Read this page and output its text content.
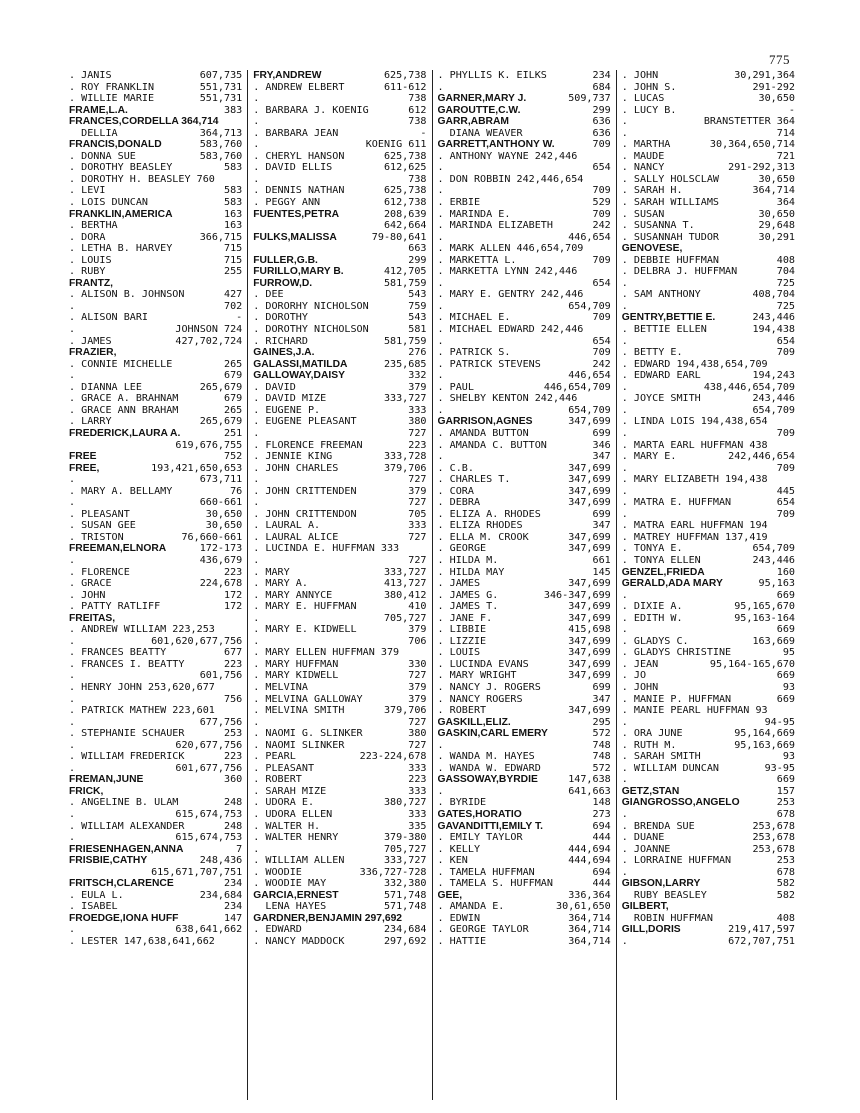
775
. JANIS	607,735
. ROY FRANKLIN	551,731
. WILLIE MARIE	551,731
FRAME,L.A.	383
FRANCES,CORDELLA 364,714
DELLIA	364,713
FRANCIS,DONALD	583,760
. DONNA SUE	583,760
. DOROTHY BEASLEY	583
. DOROTHY H. BEASLEY 760
. LEVI	583
. LOIS DUNCAN	583
FRANKLIN,AMERICA	163
. BERTHA	163
. DORA	366,715
. LETHA B. HARVEY	715
. LOUIS	715
. RUBY	255
FRANTZ,
. ALISON B. JOHNSON	427
.	702
. ALISON BARI	-
.	JOHNSON 724
. JAMES	427,702,724
FRAZIER,
. CONNIE MICHELLE	265
.	679
. DIANNA LEE	265,679
. GRACE A. BRAHNAM	679
. GRACE ANN BRAHAM	265
. LARRY	265,679
FREDERICK,LAURA A.	251
619,676,755
FREE	752
FREE,	193,421,650,653
.	673,711
. MARY A. BELLAMY	76
.	660-661
. PLEASANT	30,650
. SUSAN GEE	30,650
. TRISTON	76,660-661
FREEMAN,ELNORA	172-173
.	436,679
. FLORENCE	223
. GRACE	224,678
. JOHN	172
. PATTY RATLIFF	172
FREITAS,
. ANDREW WILLIAM 223,253
.	601,620,677,756
. FRANCES BEATTY	677
. FRANCES I. BEATTY	223
.	601,756
. HENRY JOHN 253,620,677
.	756
. PATRICK MATHEW 223,601
.	677,756
. STEPHANIE SCHAUER	253
.	620,677,756
. WILLIAM FREDERICK	223
.	601,677,756
FREMAN,JUNE	360
FRICK,
. ANGELINE B. ULAM	248
.	615,674,753
. WILLIAM ALEXANDER	248
.	615,674,753
FRIESENHAGEN,ANNA	7
FRISBIE,CATHY	248,436
615,671,707,751
FRITSCH,CLARENCE	234
. EULA L.	234,684
. ISABEL	234
FROEDGE,IONA HUFF	147
.	638,641,662
. LESTER 147,638,641,662
FRY,ANDREW	625,738
. ANDREW ELBERT	611-612
.	738
. BARBARA J. KOENIG	612
.	738
. BARBARA JEAN	-
.	KOENIG 611
. CHERYL HANSON	625,738
. DAVID ELLIS	612,625
.	738
. DENNIS NATHAN	625,738
. PEGGY ANN	612,738
FUENTES,PETRA	208,639
642,664
FULKS,MALISSA	79-80,641
663
FULLER,G.B.	299
FURILLO,MARY B.	412,705
FURROW,D.	581,759
. DEE	543
. DORORHY NICHOLSON	759
. DOROTHY	543
. DOROTHY NICHOLSON	581
. RICHARD	581,759
GAINES,J.A.	276
GALASSI,MATILDA	235,685
GALLOWAY,DAISY	332
. DAVID	379
. DAVID MIZE	333,727
. EUGENE P.	333
. EUGENE PLEASANT	380
.	727
. FLORENCE FREEMAN	223
. JENNIE KING	333,728
. JOHN CHARLES	379,706
.	727
. JOHN CRITTENDEN	379
.	727
. JOHN CRITTENDON	705
. LAURAL A.	333
. LAURAL ALICE	727
. LUCINDA E. HUFFMAN 333
.	727
. MARY	333,727
. MARY A.	413,727
. MARY ANNYCE	380,412
. MARY E. HUFFMAN	410
.	705,727
. MARY E. KIDWELL	379
.	706
. MARY ELLEN HUFFMAN 379
. MARY HUFFMAN	330
. MARY KIDWELL	727
. MELVINA	379
. MELVINA GALLOWAY	379
. MELVINA SMITH	379,706
.	727
. NAOMI G. SLINKER	380
. NAOMI SLINKER	727
. PEARL	223-224,678
. PLEASANT	333
. ROBERT	223
. SARAH MIZE	333
. UDORA E.	380,727
. UDORA ELLEN	333
. WALTER H.	335
. WALTER HENRY	379-380
.	705,727
. WILLIAM ALLEN	333,727
. WOODIE	336,727-728
. WOODIE MAY	332,380
GARCIA,ERNEST	571,748
LENA HAYES	571,748
GARDNER,BENJAMIN 297,692
. EDWARD	234,684
. NANCY MADDOCK	297,692
. PHYLLIS K. EILKS	234
.	684
GARNER,MARY J.	509,737
GAROUTTE,C.W.	299
GARR,ABRAM	636
DIANA WEAVER	636
GARRETT,ANTHONY W.	709
. ANTHONY WAYNE 242,446
.	654
. DON ROBBIN 242,446,654
.	709
. ERBIE	529
. MARINDA E.	709
. MARINDA ELIZABETH	242
.	446,654
. MARK ALLEN 446,654,709
. MARKETTA L.	709
. MARKETTA LYNN 242,446
.	654
. MARY E. GENTRY 242,446
.	654,709
. MICHAEL E.	709
. MICHAEL EDWARD 242,446
.	654
. PATRICK S.	709
. PATRICK STEVENS	242
.	446,654
. PAUL	446,654,709
. SHELBY KENTON 242,446
.	654,709
GARRISON,AGNES	347,699
. AMANDA BUTTON	699
. AMANDA C. BUTTON	346
.	347
. C.B.	347,699
. CHARLES T.	347,699
. CORA	347,699
. DEBRA	347,699
. ELIZA A. RHODES	699
. ELIZA RHODES	347
. ELLA M. CROOK	347,699
. GEORGE	347,699
. HILDA M.	661
. HILDA MAY	145
. JAMES	347,699
. JAMES G.	346-347,699
. JAMES T.	347,699
. JANE F.	347,699
. LIBBIE	415,698
. LIZZIE	347,699
. LOUIS	347,699
. LUCINDA EVANS	347,699
. MARY WRIGHT	347,699
. NANCY J. ROGERS	699
. NANCY ROGERS	347
. ROBERT	347,699
GASKILL,ELIZ.	295
GASKIN,CARL EMERY	572
.	748
. WANDA M. HAYES	748
. WANDA W. EDWARD	572
GASSOWAY,BYRDIE	147,638
.	641,663
. BYRIDE	148
GATES,HORATIO	273
GAVANDITTI,EMILY T.	694
. EMILY TAYLOR	444
. KELLY	444,694
. KEN	444,694
. TAMELA HUFFMAN	694
. TAMELA S. HUFFMAN	444
GEE,	336,364
. AMANDA E.	30,61,650
. EDWIN	364,714
. GEORGE TAYLOR	364,714
. HATTIE	364,714
. JOHN	30,291,364
. JOHN S.	291-292
. LUCAS	30,650
. LUCY B.	-
.	BRANSTETTER 364
.	714
. MARTHA	30,364,650,714
. MAUDE	721
. NANCY	291-292,313
. SALLY HOLSCLAW	30,650
. SARAH H.	364,714
. SARAH WILLIAMS	364
. SUSAN	30,650
. SUSANNA T.	29,648
. SUSANNAH TUDOR	30,291
GENOVESE,
. DEBBIE HUFFMAN	408
. DELBRA J. HUFFMAN	704
.	725
. SAM ANTHONY	408,704
.	725
GENTRY,BETTIE E.	243,446
. BETTIE ELLEN	194,438
.	654
. BETTY E.	709
. EDWARD 194,438,654,709
. EDWARD EARL	194,243
.	438,446,654,709
. JOYCE SMITH	243,446
.	654,709
. LINDA LOIS 194,438,654
.	709
. MARTA EARL HUFFMAN 438
. MARY E.	242,446,654
.	709
. MARY ELIZABETH 194,438
.	445
. MATRA E. HUFFMAN	654
.	709
. MATRA EARL HUFFMAN 194
. MATREY HUFFMAN 137,419
. TONYA E.	654,709
. TONYA ELLEN	243,446
GENZEL,FRIEDA	160
GERALD,ADA MARY	95,163
.	669
. DIXIE A.	95,165,670
. EDITH W.	95,163-164
.	669
. GLADYS C.	163,669
. GLADYS CHRISTINE	95
. JEAN	95,164-165,670
. JO	669
. JOHN	93
. MANIE P. HUFFMAN	669
. MANIE PEARL HUFFMAN 93
.	94-95
. ORA JUNE	95,164,669
. RUTH M.	95,163,669
. SARAH SMITH	93
. WILLIAM DUNCAN	93-95
.	669
GETZ,STAN	157
GIANGROSSO,ANGELO	253
.	678
. BRENDA SUE	253,678
. DUANE	253,678
. JOANNE	253,678
. LORRAINE HUFFMAN	253
.	678
GIBSON,LARRY	582
RUBY BEASLEY	582
GILBERT,
ROBIN HUFFMAN	408
GILL,DORIS	219,417,597
.	672,707,751
